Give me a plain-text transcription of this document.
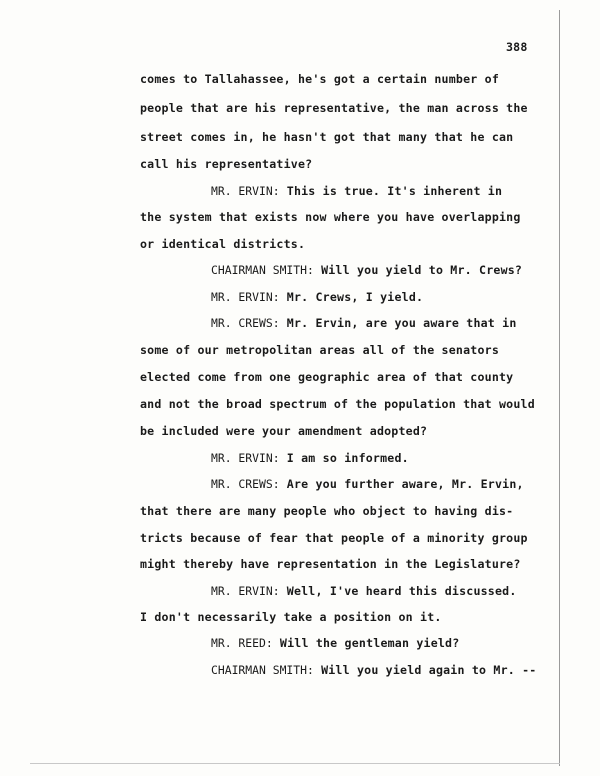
388
comes to Tallahassee, he's got a certain number of
people that are his representative, the man across the
street comes in, he hasn't got that many that he can
call his representative?
MR. ERVIN: This is true. It's inherent in
the system that exists now where you have overlapping
or identical districts.
CHAIRMAN SMITH: Will you yield to Mr. Crews?
MR. ERVIN: Mr. Crews, I yield.
MR. CREWS: Mr. Ervin, are you aware that in
some of our metropolitan areas all of the senators
elected come from one geographic area of that county
and not the broad spectrum of the population that would
be included were your amendment adopted?
MR. ERVIN: I am so informed.
MR. CREWS: Are you further aware, Mr. Ervin,
that there are many people who object to having dis-
tricts because of fear that people of a minority group
might thereby have representation in the Legislature?
MR. ERVIN: Well, I've heard this discussed.
I don't necessarily take a position on it.
MR. REED: Will the gentleman yield?
CHAIRMAN SMITH: Will you yield again to Mr. --
